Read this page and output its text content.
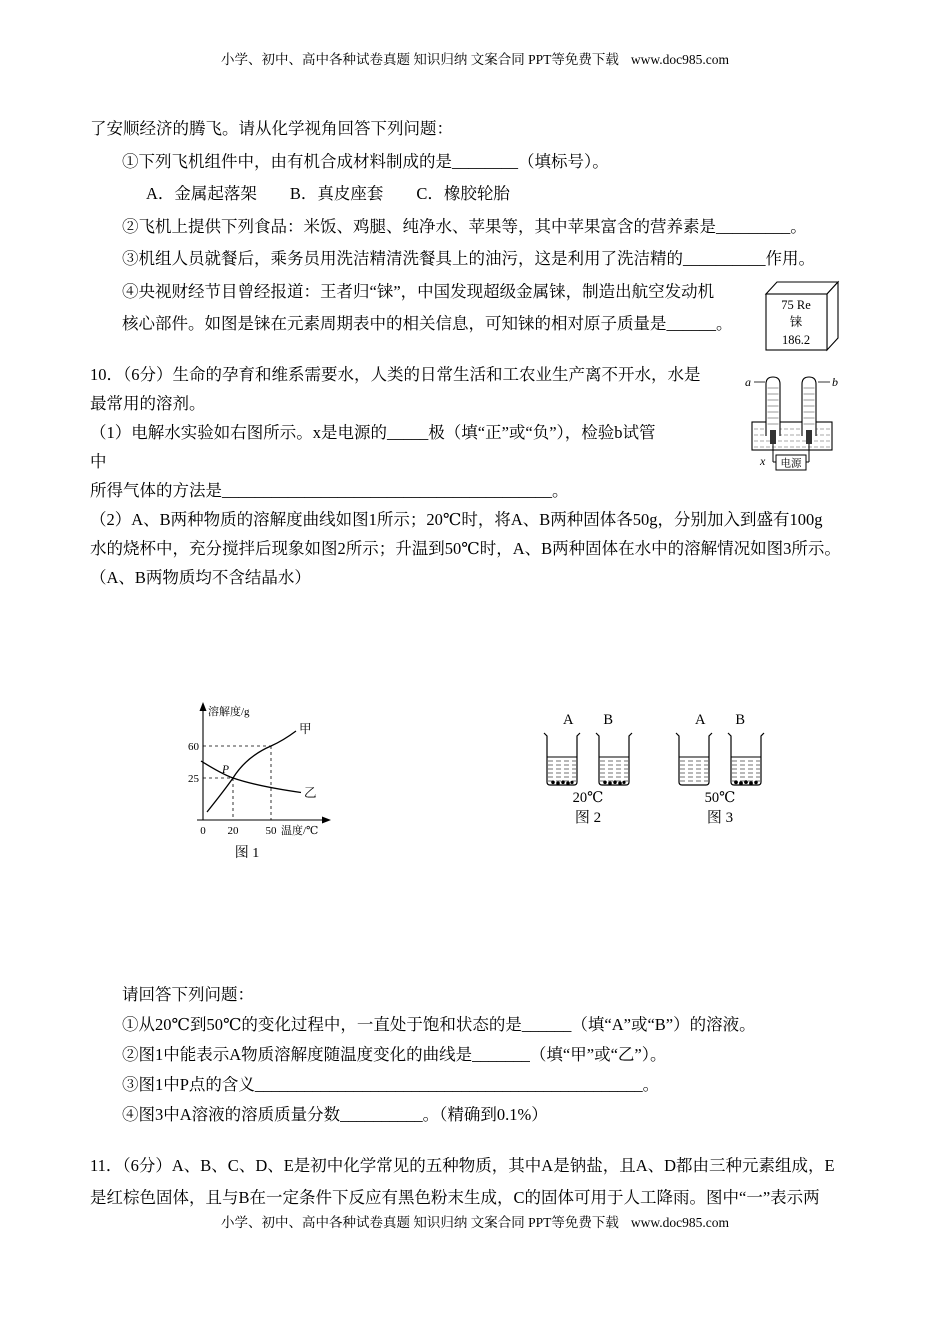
小学、初中、高中各种试卷真题 知识归纳 文案合同 PPT等免费下载 www.doc985.com

了安顺经济的腾飞。请从化学视角回答下列问题：

①下列飞机组件中，由有机合成材料制成的是________（填标号）。

A．金属起落架　　B．真皮座套　　C．橡胶轮胎

②飞机上提供下列食品：米饭、鸡腿、纯净水、苹果等，其中苹果富含的营养素是_________。

③机组人员就餐后，乘务员用洗洁精清洗餐具上的油污，这是利用了洗洁精的__________作用。

④央视财经节目曾经报道：王者归“铼”，中国发现超级金属铼，制造出航空发动机

核心部件。如图是铼在元素周期表中的相关信息，可知铼的相对原子质量是______。

75 Re
铼
186.2

10．（6分）生命的孕育和维系需要水，人类的日常生活和工农业生产离不开水，水是

最常用的溶剂。

（1）电解水实验如右图所示。x是电源的_____极（填“正”或“负”），检验b试管

中

所得气体的方法是________________________________________。

（2）A、B两种物质的溶解度曲线如图1所示；20℃时，将A、B两种固体各50g，分别加入到盛有100g

水的烧杯中，充分搅拌后现象如图2所示；升温到50℃时，A、B两种固体在水中的溶解情况如图3所示。

（A、B两物质均不含结晶水）

电源
a	b
x
溶解度/g
60
25
甲
乙
P
0 20 50 温度/℃
图 1
A B
20℃
图 2
A B
50℃
图 3

请回答下列问题：

①从20℃到50℃的变化过程中，一直处于饱和状态的是______（填“A”或“B”）的溶液。

②图1中能表示A物质溶解度随温度变化的曲线是_______（填“甲”或“乙”）。

③图1中P点的含义_______________________________________________。

④图3中A溶液的溶质质量分数__________。（精确到0.1%）

11．（6分）A、B、C、D、E是初中化学常见的五种物质，其中A是钠盐，且A、D都由三种元素组成，E

是红棕色固体，且与B在一定条件下反应有黑色粉末生成，C的固体可用于人工降雨。图中“一”表示两

小学、初中、高中各种试卷真题 知识归纳 文案合同 PPT等免费下载 www.doc985.com
